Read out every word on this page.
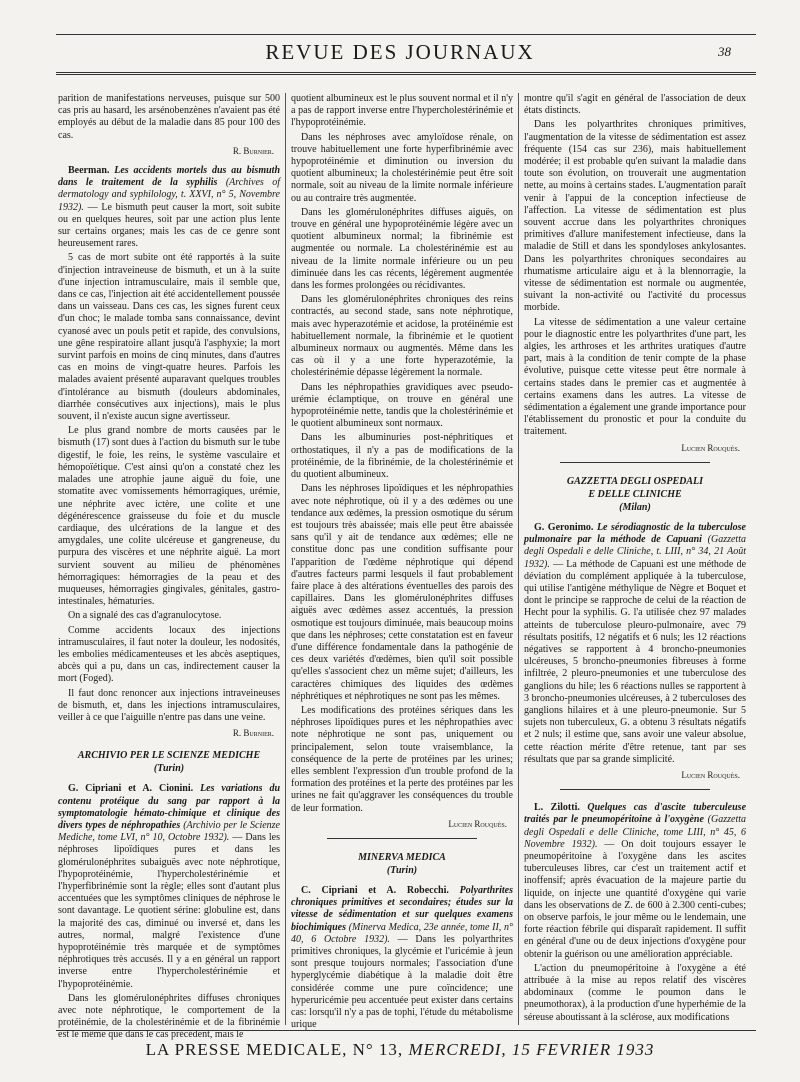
REVUE DES JOURNAUX	38

parition de manifestations nerveuses, puisque sur 500 cas pris au hasard, les arsénobenzènes n'avaient pas été employés au début de la maladie dans 85 pour 100 des cas.

R. Burnier.

Beerman. Les accidents mortels dus au bismuth dans le traitement de la syphilis (Archives of dermatology and syphilology, t. XXVI, n° 5, Novembre 1932). — Le bismuth peut causer la mort, soit subite ou en quelques heures, soit par une action plus lente sur certains organes; mais les cas de ce genre sont heureusement rares.

5 cas de mort subite ont été rapportés à la suite d'injection intraveineuse de bismuth, et un à la suite d'une injection intramusculaire, mais il semble que, dans ce cas, l'injection ait été accidentellement poussée dans un vaisseau. Dans ces cas, les signes furent ceux d'un choc; le malade tomba sans connaissance, devint cyanosé avec un pouls petit et rapide, des convulsions, une gêne respiratoire allant jusqu'à l'asphyxie; la mort survint parfois en moins de cinq minutes, dans d'autres cas en moins de vingt-quatre heures. Parfois les malades avaient présenté auparavant quelques troubles d'intolérance au bismuth (douleurs abdominales, diarrhée consécutives aux injections), mais le plus souvent, il n'existe aucun signe avertisseur.

Le plus grand nombre de morts causées par le bismuth (17) sont dues à l'action du bismuth sur le tube digestif, le foie, les reins, le système vasculaire et hémopoïétique. C'est ainsi qu'on a constaté chez les malades une atrophie jaune aiguë du foie, une stomatite avec vomissements hémorragiques, urémie, une néphrite avec ictère, une colite et une dégénérescence graisseuse du foie et du muscle cardiaque, des ulcérations de la langue et des amygdales, une colite ulcéreuse et gangreneuse, du purpura des viscères et une néphrite aiguë. La mort survient souvent au milieu de phénomènes hémorragiques: hémorragies de la peau et des muqueuses, hémorragies gingivales, génitales, gastro-intestinales, hématuries.

On a signalé des cas d'agranulocytose.

Comme accidents locaux des injections intramusculaires, il faut noter la douleur, les nodosités, les embolies médicamenteuses et les abcès aseptiques, abcès qui a pu, dans un cas, indirectement causer la mort (Foged).

Il faut donc renoncer aux injections intraveineuses de bismuth, et, dans les injections intramusculaires, veiller à ce que l'aiguille n'entre pas dans une veine.

R. Burnier.

ARCHIVIO PER LE SCIENZE MEDICHE
(Turin)

G. Cipriani et A. Cionini. Les variations du contenu protéique du sang par rapport à la symptomatologie hémato-chimique et clinique des divers types de néphropathies (Archivio per le Scienze Mediche, tome LVI, n° 10, Octobre 1932). — Dans les néphroses lipoïdiques pures et dans les glomérulonéphrites subaiguës avec note néphrotique, l'hypoprotéinémie, l'hypercholestérinémie et l'hyperfibrinémie sont la règle; elles sont d'autant plus accentuées que les symptômes cliniques de néphrose le sont davantage. Le quotient sérine: globuline est, dans la majorité des cas, diminué ou inversé et, dans les autres, normal, malgré l'existence d'une hypoprotéinémie très marquée et de symptômes néphrotiques très accusés. Il y a en général un rapport inverse entre l'hypercholestérinémie et l'hypoprotéinémie.

Dans les glomérulonéphrites diffuses chroniques avec note néphrotique, le comportement de la protéinémie, de la cholestérinémie et de la fibrinémie est le même que dans le cas précédent, mais le

quotient albumineux est le plus souvent normal et il n'y a pas de rapport inverse entre l'hypercholestérinémie et l'hypoprotéinémie.

Dans les néphroses avec amyloïdose rénale, on trouve habituellement une forte hyperfibrinémie avec hypoprotéinémie et diminution ou inversion du quotient albumineux; la cholestérinémie peut être soit normale, soit au niveau de la limite normale inférieure ou au contraire très augmentée.

Dans les glomérulonéphrites diffuses aiguës, on trouve en général une hypoprotéinémie légère avec un quotient albumineux normal; la fibrinémie est augmentée ou normale. La cholestérinémie est au niveau de la limite normale inférieure ou un peu diminuée dans les cas récents, légèrement augmentée dans les formes prolongées ou récidivantes.

Dans les glomérulonéphrites chroniques des reins contractés, au second stade, sans note néphrotique, mais avec hyperazotémie et acidose, la protéinémie est habituellement normale, la fibrinémie et le quotient albumineux normaux ou augmentés. Même dans les cas où il y a une forte hyperazotémie, la cholestérinémie dépasse légèrement la normale.

Dans les néphropathies gravidiques avec pseudo-urémie éclamptique, on trouve en général une hypoprotéinémie nette, tandis que la cholestérinémie et le quotient albumineux sont normaux.

Dans les albuminuries post-néphritiques et orthostatiques, il n'y a pas de modifications de la protéinémie, de la fibrinémie, de la cholestérinémie et du quotient albumineux.

Dans les néphroses lipoïdiques et les néphropathies avec note néphrotique, où il y a des œdèmes ou une tendance aux œdèmes, la pression osmotique du sérum est toujours très abaissée; mais elle peut être abaissée sans qu'il y ait de tendance aux œdèmes; elle ne constitue donc pas une condition suffisante pour l'apparition de l'œdème néphrotique qui dépend d'autres facteurs parmi lesquels il faut probablement faire place à des altérations éventuelles des parois des capillaires. Dans les glomérulonéphrites diffuses aiguës avec œdèmes assez accentués, la pression osmotique est toujours diminuée, mais beaucoup moins que dans les néphroses; cette constatation est en faveur d'une différence fondamentale dans la pathogénie de ces deux variétés d'œdèmes, bien qu'il soit possible qu'elles s'associent chez un même sujet; d'ailleurs, les caractères chimiques des liquides des œdèmes néphrétiques et néphrotiques ne sont pas les mêmes.

Les modifications des protéines sériques dans les néphroses lipoïdiques pures et les néphropathies avec note néphrotique ne sont pas, uniquement ou principalement, selon toute vraisemblance, la conséquence de la perte de protéines par les urines; elles semblent l'expression d'un trouble profond de la formation des protéines et la perte des protéines par les urines ne fait qu'aggraver les conséquences du trouble de leur formation.

Lucien Rouquès.

MINERVA MEDICA
(Turin)

C. Cipriani et A. Robecchi. Polyarthrites chroniques primitives et secondaires; études sur la vitesse de sédimentation et sur quelques examens biochimiques (Minerva Medica, 23e année, tome II, n° 40, 6 Octobre 1932). — Dans les polyarthrites primitives chroniques, la glycémie et l'uricémie à jeun sont presque toujours normales; l'association d'une hyperglycémie diabétique à la maladie doit être considérée comme une pure coïncidence; une hyperuricémie peu accentuée peut exister dans certains cas: lorsqu'il n'y a pas de tophi, l'étude du métabolisme urique

montre qu'il s'agit en général de l'association de deux états distincts.

Dans les polyarthrites chroniques primitives, l'augmentation de la vitesse de sédimentation est assez fréquente (154 cas sur 236), mais habituellement modérée; il est probable qu'en suivant la maladie dans toute son évolution, on trouverait une augmentation nette, au moins à certains stades. L'augmentation paraît venir à l'appui de la conception infectieuse de l'affection. La vitesse de sédimentation est plus souvent accrue dans les polyarthrites chroniques primitives d'allure manifestement infectieuse, dans la maladie de Still et dans les spondyloses ankylosantes. Dans les polyarthrites chroniques secondaires au rhumatisme articulaire aigu et à la blennorragie, la vitesse de sédimentation est normale ou augmentée, suivant la non-activité ou l'activité du processus morbide.

La vitesse de sédimentation a une valeur certaine pour le diagnostic entre les polyarthrites d'une part, les algies, les arthroses et les arthrites uratiques d'autre part, mais à la condition de tenir compte de la phase évolutive, puisque cette vitesse peut être normale à certains stades dans le premier cas et augmentée à certains examens dans les autres. La vitesse de sédimentation a également une grande importance pour l'établissement du pronostic et pour la conduite du traitement.

Lucien Rouquès.

GAZZETTA DEGLI OSPEDALI
E DELLE CLINICHE
(Milan)

G. Geronimo. Le sérodiagnostic de la tuberculose pulmonaire par la méthode de Capuani (Gazzetta degli Ospedali e delle Cliniche, t. LIII, n° 34, 21 Août 1932). — La méthode de Capuani est une méthode de déviation du complément appliquée à la tuberculose, qui utilise l'antigène méthylique de Nègre et Boquet et dont le principe se rapproche de celui de la réaction de Hecht pour la syphilis. G. l'a utilisée chez 97 malades atteints de tuberculose pleuro-pulmonaire, avec 79 résultats positifs, 12 négatifs et 6 nuls; les 12 réactions négatives se rapportent à 4 broncho-pneumonies ulcéreuses, 5 broncho-pneumonies fibreuses à forme infiltrée, 2 pleuro-pneumonies et une tuberculose des ganglions du hile; les 6 réactions nulles se rapportent à 3 broncho-pneumonies ulcéreuses, à 2 tuberculoses des ganglions hilaires et à une pleuro-pneumonie. Sur 5 sujets non tuberculeux, G. a obtenu 3 résultats négatifs et 2 nuls; il estime que, sans avoir une valeur absolue, cette réaction mérite d'être retenue, tant par ses résultats que par sa grande simplicité.

Lucien Rouquès.

L. Zilotti. Quelques cas d'ascite tuberculeuse traités par le pneumopéritoine à l'oxygène (Gazzetta degli Ospedali e delle Cliniche, tome LIII, n° 45, 6 Novembre 1932). — On doit toujours essayer le pneumopéritoine à l'oxygène dans les ascites tuberculeuses libres, car c'est un traitement actif et inoffensif; après évacuation de la majeure partie du liquide, on injecte une quantité d'oxygène qui varie dans les observations de Z. de 600 à 2.300 centi-cubes; on observe parfois, le jour même ou le lendemain, une forte réaction fébrile qui disparaît rapidement. Il suffit en général d'une ou de deux injections d'oxygène pour obtenir la guérison ou une amélioration appréciable.

L'action du pneumopéritoine à l'oxygène a été attribuée à la mise au repos relatif des viscères abdominaux (comme le poumon dans le pneumothorax), à la production d'une hyperhémie de la séreuse aboutissant à la sclérose, aux modifications

LA PRESSE MEDICALE, N° 13, MERCREDI, 15 FEVRIER 1933
